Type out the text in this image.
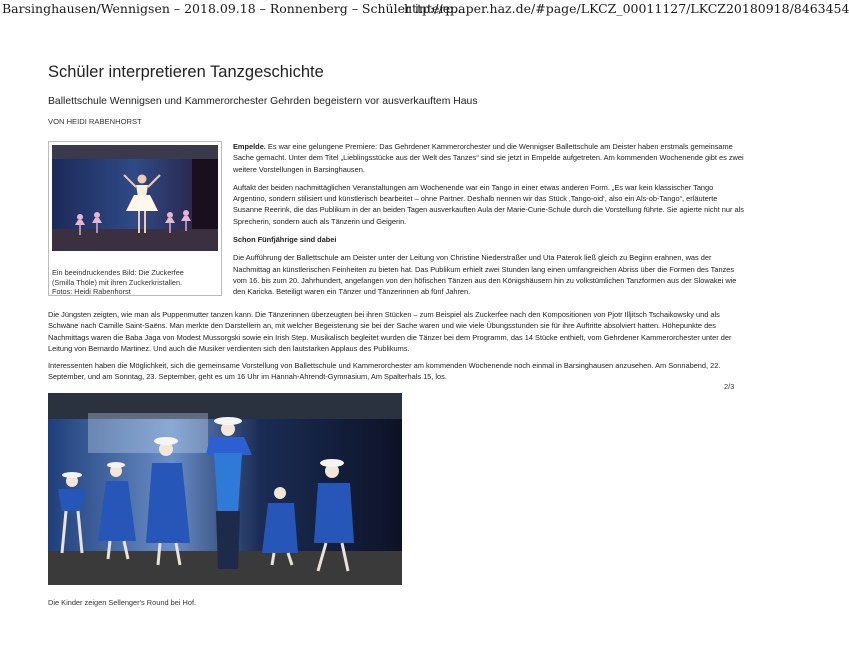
Barsinghausen/Wennigsen – 2018.09.18 – Ronnenberg – Schüler interp...
http://epaper.haz.de/#page/LKCZ_00011127/LKCZ20180918/8463454
Schüler interpretieren Tanzgeschichte
Ballettschule Wennigsen und Kammerorchester Gehrden begeistern vor ausverkauftem Haus
VON HEIDI RABENHORST
Ein beeindruckendes Bild: Die Zuckerfee
(Smilla Thöle) mit ihren Zuckerkristallen.
Fotos: Heidi Rabenhorst

Empelde. Es war eine gelungene Premiere: Das Gehrdener Kammerorchester und die Wennigser Ballettschule am Deister haben erstmals gemeinsame Sache gemacht. Unter dem Titel „Lieblingsstücke aus der Welt des Tanzes“ sind sie jetzt in Empelde aufgetreten. Am kommenden Wochenende gibt es zwei weitere Vorstellungen in Barsinghausen.

Auftakt der beiden nachmittäglichen Veranstaltungen am Wochenende war ein Tango in einer etwas anderen Form. „Es war kein klassischer Tango Argentino, sondern stilisiert und künstlerisch bearbeitet – ohne Partner. Deshalb nennen wir das Stück ‚Tango-oid‘, also ein Als-ob-Tango“, erläuterte Susanne Reerink, die das Publikum in der an beiden Tagen ausverkauften Aula der Marie-Curie-Schule durch die Vorstellung führte. Sie agierte nicht nur als Sprecherin, sondern auch als Tänzerin und Geigerin.

Schon Fünfjährige sind dabei

Die Aufführung der Ballettschule am Deister unter der Leitung von Christine Niederstraßer und Uta Paterok ließ gleich zu Beginn erahnen, was der Nachmittag an künstlerischen Feinheiten zu bieten hat. Das Publikum erhielt zwei Stunden lang einen umfangreichen Abriss über die Formen des Tanzes vom 16. bis zum 20. Jahrhundert, angefangen von den höfischen Tänzen aus den Königshäusern hin zu volkstümlichen Tanzformen aus der Slowakei wie den Karicka. Beteiligt waren ein Tänzer und Tänzerinnen ab fünf Jahren.

Die Jüngsten zeigten, wie man als Puppenmutter tanzen kann. Die Tänzerinnen überzeugten bei ihren Stücken – zum Beispiel als Zuckerfee nach den Kompositionen von Pjotr Illjitsch Tschaikowsky und als Schwäne nach Camille Saint-Saëns. Man merkte den Darstellern an, mit welcher Begeisterung sie bei der Sache waren und wie viele Übungsstunden sie für ihre Auftritte absolviert hatten. Höhepunkte des Nachmittags waren die Baba Jaga von Modest Mussorgski sowie ein Irish Step. Musikalisch begleitet wurden die Tänzer bei dem Programm, das 14 Stücke enthielt, vom Gehrdener Kammerorchester unter der Leitung von Bernardo Martinez. Und auch die Musiker verdienten sich den lautstarken Applaus des Publikums.

Interessenten haben die Möglichkeit, sich die gemeinsame Vorstellung von Ballettschule und Kammerorchester am kommenden Wochenende noch einmal in Barsinghausen anzusehen. Am Sonnabend, 22. September, und am Sonntag, 23. September, geht es um 16 Uhr im Hannah-Ahrendt-Gymnasium, Am Spalterhals 15, los.

2/3
Die Kinder zeigen Sellenger's Round bei Hof.
